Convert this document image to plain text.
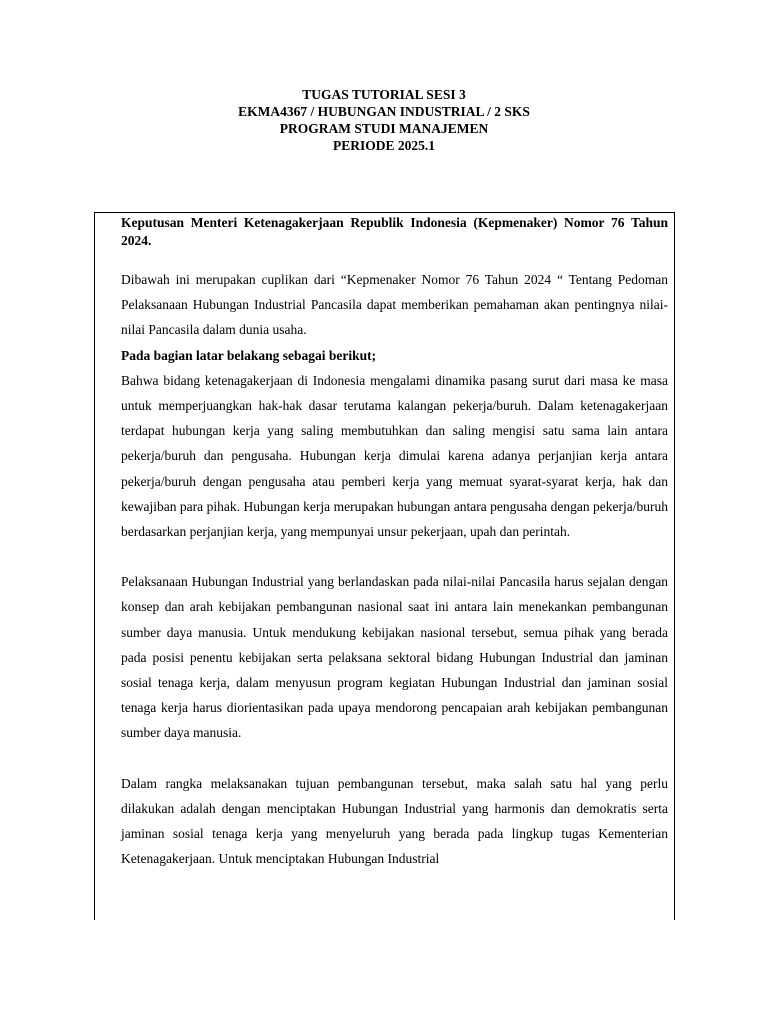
TUGAS TUTORIAL SESI 3
EKMA4367 / HUBUNGAN INDUSTRIAL / 2 SKS
PROGRAM STUDI MANAJEMEN
PERIODE 2025.1

Keputusan Menteri Ketenagakerjaan Republik Indonesia (Kepmenaker) Nomor 76 Tahun 2024.

Dibawah ini merupakan cuplikan dari “Kepmenaker Nomor 76 Tahun 2024 “ Tentang Pedoman Pelaksanaan Hubungan Industrial Pancasila dapat memberikan pemahaman akan pentingnya nilai-nilai Pancasila dalam dunia usaha.

Pada bagian latar belakang sebagai berikut;

Bahwa bidang ketenagakerjaan di Indonesia mengalami dinamika pasang surut dari masa ke masa untuk memperjuangkan hak-hak dasar terutama kalangan pekerja/buruh. Dalam ketenagakerjaan terdapat hubungan kerja yang saling membutuhkan dan saling mengisi satu sama lain antara pekerja/buruh dan pengusaha. Hubungan kerja dimulai karena adanya perjanjian kerja antara pekerja/buruh dengan pengusaha atau pemberi kerja yang memuat syarat-syarat kerja, hak dan kewajiban para pihak. Hubungan kerja merupakan hubungan antara pengusaha dengan pekerja/buruh berdasarkan perjanjian kerja, yang mempunyai unsur pekerjaan, upah dan perintah.

Pelaksanaan Hubungan Industrial yang berlandaskan pada nilai-nilai Pancasila harus sejalan dengan konsep dan arah kebijakan pembangunan nasional saat ini antara lain menekankan pembangunan sumber daya manusia. Untuk mendukung kebijakan nasional tersebut, semua pihak yang berada pada posisi penentu kebijakan serta pelaksana sektoral bidang Hubungan Industrial dan jaminan sosial tenaga kerja, dalam menyusun program kegiatan Hubungan Industrial dan jaminan sosial tenaga kerja harus diorientasikan pada upaya mendorong pencapaian arah kebijakan pembangunan sumber daya manusia.

Dalam rangka melaksanakan tujuan pembangunan tersebut, maka salah satu hal yang perlu dilakukan adalah dengan menciptakan Hubungan Industrial yang harmonis dan demokratis serta jaminan sosial tenaga kerja yang menyeluruh yang berada pada lingkup tugas Kementerian Ketenagakerjaan. Untuk menciptakan Hubungan Industrial
